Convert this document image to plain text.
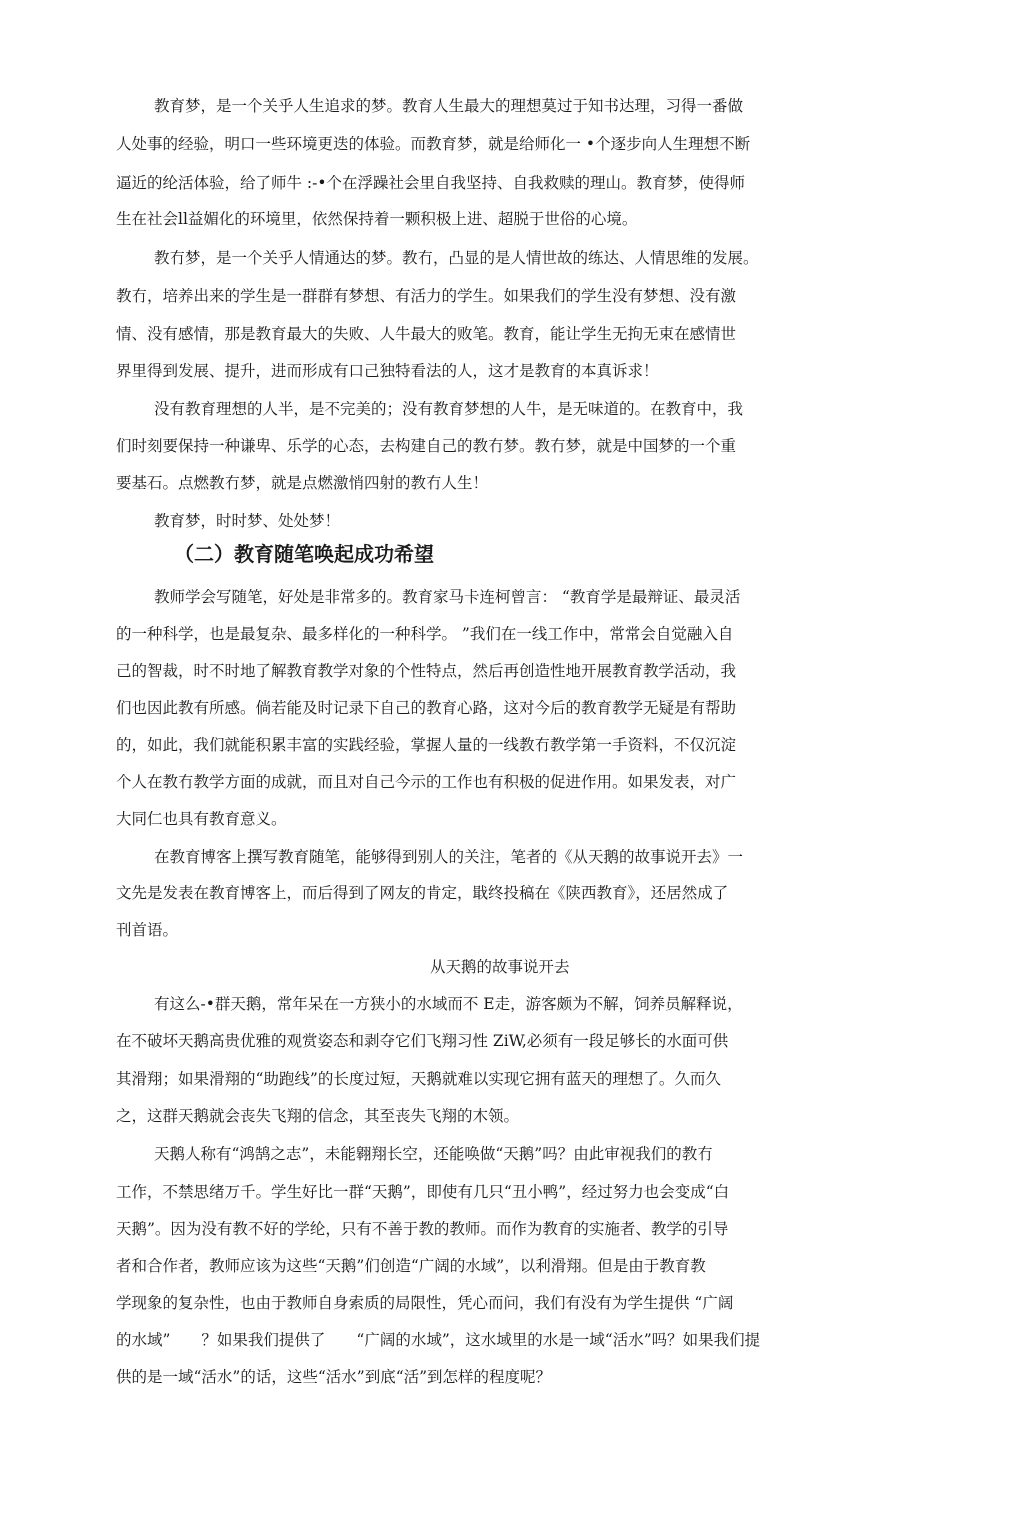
教育梦，是一个关乎人生追求的梦。教育人生最大的理想莫过于知书达理，习得一番做

人处事的经验，明口一些环境更迭的体验。而教育梦，就是给师化一 •个逐步向人生理想不断

逼近的纶活体验，给了师牛 :-•个在浮躁社会里自我坚持、自我救赎的理山。教育梦，使得师

生在社会ll益媚化的环境里，依然保持着一颗积极上进、超脱于世俗的心境。

教冇梦，是一个关乎人情通达的梦。教冇，凸显的是人情世故的练达、人情思维的发展。

教冇，培养出来的学生是一群群有梦想、有活力的学生。如果我们的学生没有梦想、没有激

情、没有感情，那是教育最大的失败、人牛最大的败笔。教育，能让学生无拘无束在感情世

界里得到发展、提升，进而形成有口己独特看法的人，这才是教育的本真诉求！

没有教育理想的人半，是不完美的；没有教育梦想的人牛，是无味道的。在教育中，我

们时刻要保持一种谦卑、乐学的心态，去构建自己的教冇梦。教冇梦，就是中国梦的一个重

要基石。点燃教冇梦，就是点燃激悄四射的教冇人生！

教育梦，时时梦、处处梦！

（二）教育随笔唤起成功希望

教师学会写随笔，好处是非常多的。教育家马卡连柯曾言： “教育学是最辩证、最灵活

的一种科学，也是最复杂、最多样化的一种科学。 ”我们在一线工作中，常常会自觉融入自

己的智裁，时不时地了解教育教学对象的个性特点，然后再创造性地开展教育教学活动，我

们也因此教有所感。倘若能及时记录下自己的教育心路，这对今后的教育教学无疑是有帮助

的，如此，我们就能积累丰富的实践经验，掌握人量的一线教冇教学第一手资料，不仅沉淀

个人在教冇教学方面的成就，而且对自己今示的工作也有积极的促进作用。如果发表，对广

大同仁也具有教育意义。

在教育博客上撰写教育随笔，能够得到别人的关注，笔者的《从天鹅的故事说开去》一

文先是发表在教育博客上，而后得到了网友的肯定，戢终投稿在《陕西教育》，还居然成了

刊首语。

从天鹅的故事说开去

有这么-•群天鹅，常年呆在一方狭小的水域而不 E走，游客颇为不解，饲养员解释说，

在不破坏天鹅高贵优雅的观赏姿态和剥夺它们飞翔习性 ZiW,必须有一段足够长的水面可供

其滑翔；如果滑翔的“助跑线”的长度过短，天鹅就难以实现它拥有蓝天的理想了。久而久

之，这群天鹅就会丧失飞翔的信念，其至丧失飞翔的木领。

天鹅人称有“鸿鹄之志”，未能翱翔长空，还能唤做“天鹅”吗？由此审视我们的教冇

工作，不禁思绪万千。学生好比一群“天鹅”，即使有几只“丑小鸭”，经过努力也会变成“白

天鹅”。因为没有教不好的学纶，只有不善于教的教师。而作为教育的实施者、教学的引导

者和合作者，教师应该为这些“天鹅”们创造“广阔的水域”，以利滑翔。但是由于教育教

学现象的复杂性，也由于教师自身索质的局限性，凭心而问，我们有没有为学生提供 “广阔

的水域”　　？如果我们提供了　　“广阔的水域”，这水域里的水是一域“活水”吗？如果我们提

供的是一域“活水”的话，这些“活水”到底“活”到怎样的程度呢？
